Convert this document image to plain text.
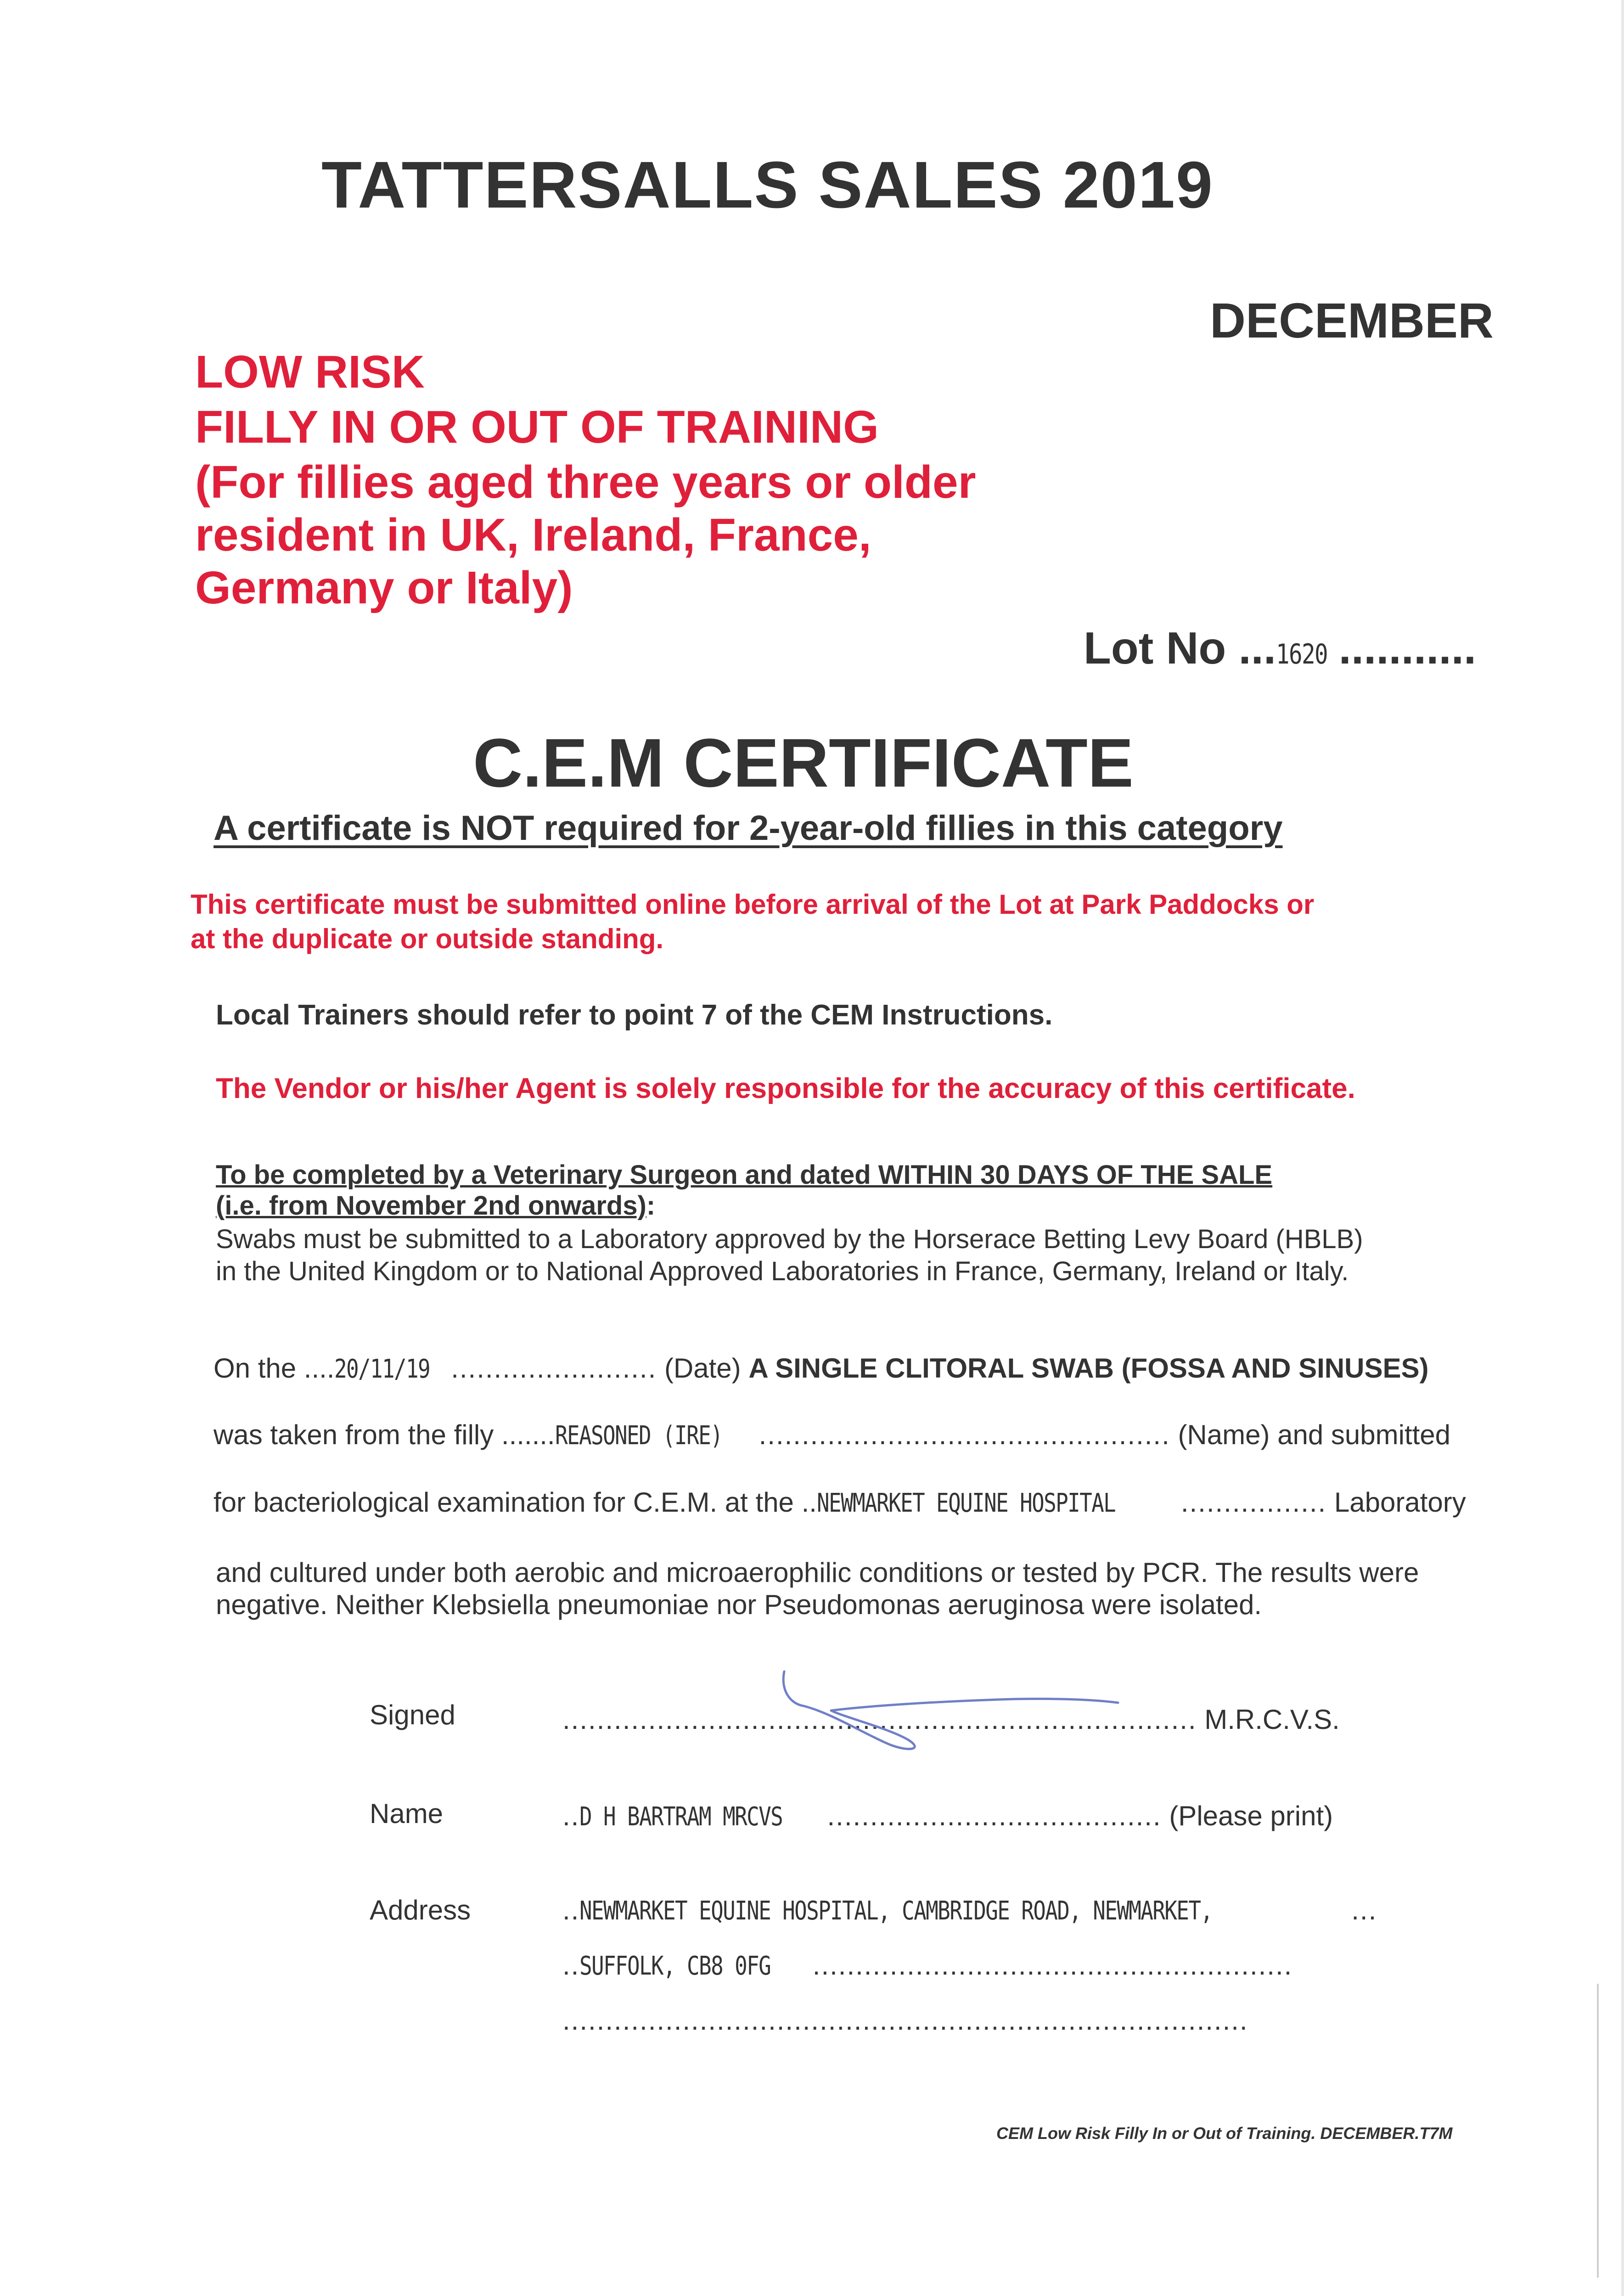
TATTERSALLS SALES 2019
DECEMBER
LOW RISK
FILLY IN OR OUT OF TRAINING
(For fillies aged three years or older
resident in UK, Ireland, France,
Germany or Italy)
Lot No ...1620 ...........
C.E.M CERTIFICATE
A certificate is NOT required for 2-year-old fillies in this category
This certificate must be submitted online before arrival of the Lot at Park Paddocks or
at the duplicate or outside standing.
Local Trainers should refer to point 7 of the CEM Instructions.
The Vendor or his/her Agent is solely responsible for the accuracy of this certificate.
To be completed by a Veterinary Surgeon and dated WITHIN 30 DAYS OF THE SALE
(i.e. from November 2nd onwards):
Swabs must be submitted to a Laboratory approved by the Horserace Betting Levy Board (HBLB)
in the United Kingdom or to National Approved Laboratories in France, Germany, Ireland or Italy.
On the ....20/11/19 ........................ (Date) A SINGLE CLITORAL SWAB (FOSSA AND SINUSES)
was taken from the filly .......REASONED (IRE) ................................................ (Name) and submitted
for bacteriological examination for C.E.M. at the ..NEWMARKET EQUINE HOSPITAL ................. Laboratory
and cultured under both aerobic and microaerophilic conditions or tested by PCR. The results were
negative. Neither Klebsiella pneumoniae nor Pseudomonas aeruginosa were isolated.
Signed	.......................................................................... M.R.C.V.S.
Name	..D H BARTRAM MRCVS ....................................... (Please print)
Address	..NEWMARKET EQUINE HOSPITAL, CAMBRIDGE ROAD, NEWMARKET,	...
..SUFFOLK, CB8 0FG ........................................................
................................................................................
CEM Low Risk Filly In or Out of Training. DECEMBER.T7M
